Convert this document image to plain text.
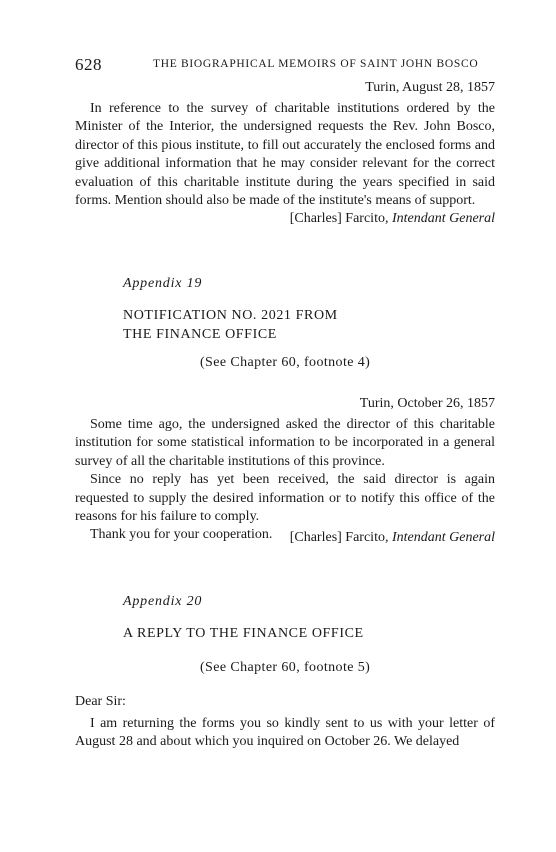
628	THE BIOGRAPHICAL MEMOIRS OF SAINT JOHN BOSCO
Turin, August 28, 1857

In reference to the survey of charitable institutions ordered by the Minister of the Interior, the undersigned requests the Rev. John Bosco, director of this pious institute, to fill out accurately the enclosed forms and give additional information that he may consider relevant for the correct evaluation of this charitable institute during the years specified in said forms. Mention should also be made of the institute's means of support.

[Charles] Farcito, Intendant General
Appendix 19
NOTIFICATION NO. 2021 FROM
THE FINANCE OFFICE
(See Chapter 60, footnote 4)
Turin, October 26, 1857

Some time ago, the undersigned asked the director of this charitable institution for some statistical information to be incorporated in a general survey of all the charitable institutions of this province.

Since no reply has yet been received, the said director is again requested to supply the desired information or to notify this office of the reasons for his failure to comply.

Thank you for your cooperation.	[Charles] Farcito, Intendant General
Appendix 20
A REPLY TO THE FINANCE OFFICE
(See Chapter 60, footnote 5)
Dear Sir:

I am returning the forms you so kindly sent to us with your letter of August 28 and about which you inquired on October 26. We delayed
